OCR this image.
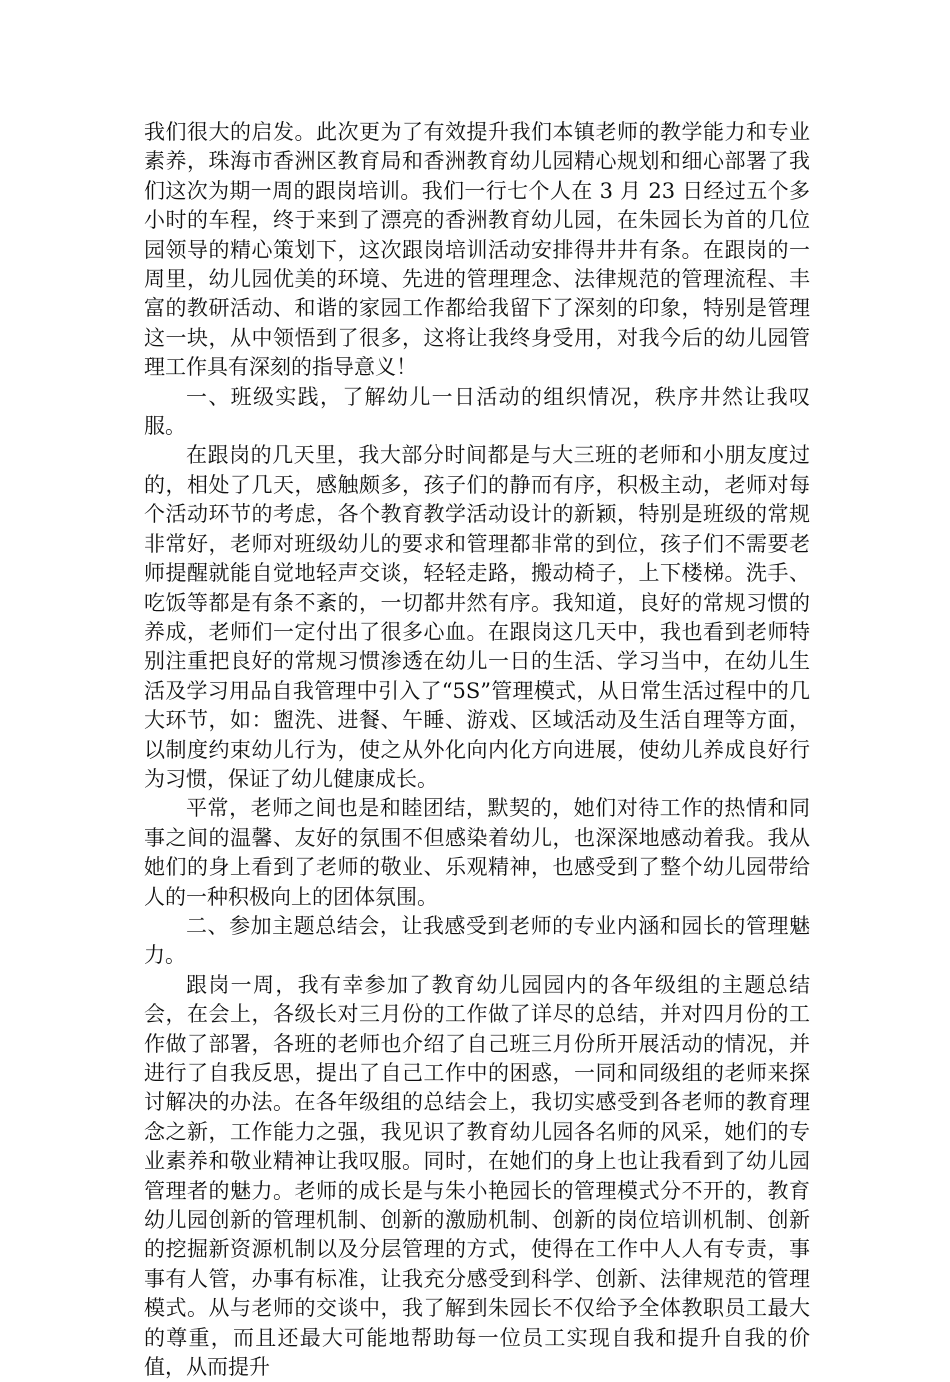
我们很大的启发。此次更为了有效提升我们本镇老师的教学能力和专业素养，珠海市香洲区教育局和香洲教育幼儿园精心规划和细心部署了我们这次为期一周的跟岗培训。我们一行七个人在 3 月 23 日经过五个多小时的车程，终于来到了漂亮的香洲教育幼儿园，在朱园长为首的几位园领导的精心策划下，这次跟岗培训活动安排得井井有条。在跟岗的一周里，幼儿园优美的环境、先进的管理理念、法律规范的管理流程、丰富的教研活动、和谐的家园工作都给我留下了深刻的印象，特别是管理这一块，从中领悟到了很多，这将让我终身受用，对我今后的幼儿园管理工作具有深刻的指导意义！

一、班级实践，了解幼儿一日活动的组织情况，秩序井然让我叹服。

在跟岗的几天里，我大部分时间都是与大三班的老师和小朋友度过的，相处了几天，感触颇多，孩子们的静而有序，积极主动，老师对每个活动环节的考虑，各个教育教学活动设计的新颖，特别是班级的常规非常好，老师对班级幼儿的要求和管理都非常的到位，孩子们不需要老师提醒就能自觉地轻声交谈，轻轻走路，搬动椅子，上下楼梯。洗手、吃饭等都是有条不紊的，一切都井然有序。我知道，良好的常规习惯的养成，老师们一定付出了很多心血。在跟岗这几天中，我也看到老师特别注重把良好的常规习惯渗透在幼儿一日的生活、学习当中，在幼儿生活及学习用品自我管理中引入了“5S”管理模式，从日常生活过程中的几大环节，如：盥洗、进餐、午睡、游戏、区域活动及生活自理等方面，以制度约束幼儿行为，使之从外化向内化方向进展，使幼儿养成良好行为习惯，保证了幼儿健康成长。

平常，老师之间也是和睦团结，默契的，她们对待工作的热情和同事之间的温馨、友好的氛围不但感染着幼儿，也深深地感动着我。我从她们的身上看到了老师的敬业、乐观精神，也感受到了整个幼儿园带给人的一种积极向上的团体氛围。

二、参加主题总结会，让我感受到老师的专业内涵和园长的管理魅力。

跟岗一周，我有幸参加了教育幼儿园园内的各年级组的主题总结会，在会上，各级长对三月份的工作做了详尽的总结，并对四月份的工作做了部署，各班的老师也介绍了自己班三月份所开展活动的情况，并进行了自我反思，提出了自己工作中的困惑，一同和同级组的老师来探讨解决的办法。在各年级组的总结会上，我切实感受到各老师的教育理念之新，工作能力之强，我见识了教育幼儿园各名师的风采，她们的专业素养和敬业精神让我叹服。同时，在她们的身上也让我看到了幼儿园管理者的魅力。老师的成长是与朱小艳园长的管理模式分不开的，教育幼儿园创新的管理机制、创新的激励机制、创新的岗位培训机制、创新的挖掘新资源机制以及分层管理的方式，使得在工作中人人有专责，事事有人管，办事有标准，让我充分感受到科学、创新、法律规范的管理模式。从与老师的交谈中，我了解到朱园长不仅给予全体教职员工最大的尊重，而且还最大可能地帮助每一位员工实现自我和提升自我的价值，从而提升
